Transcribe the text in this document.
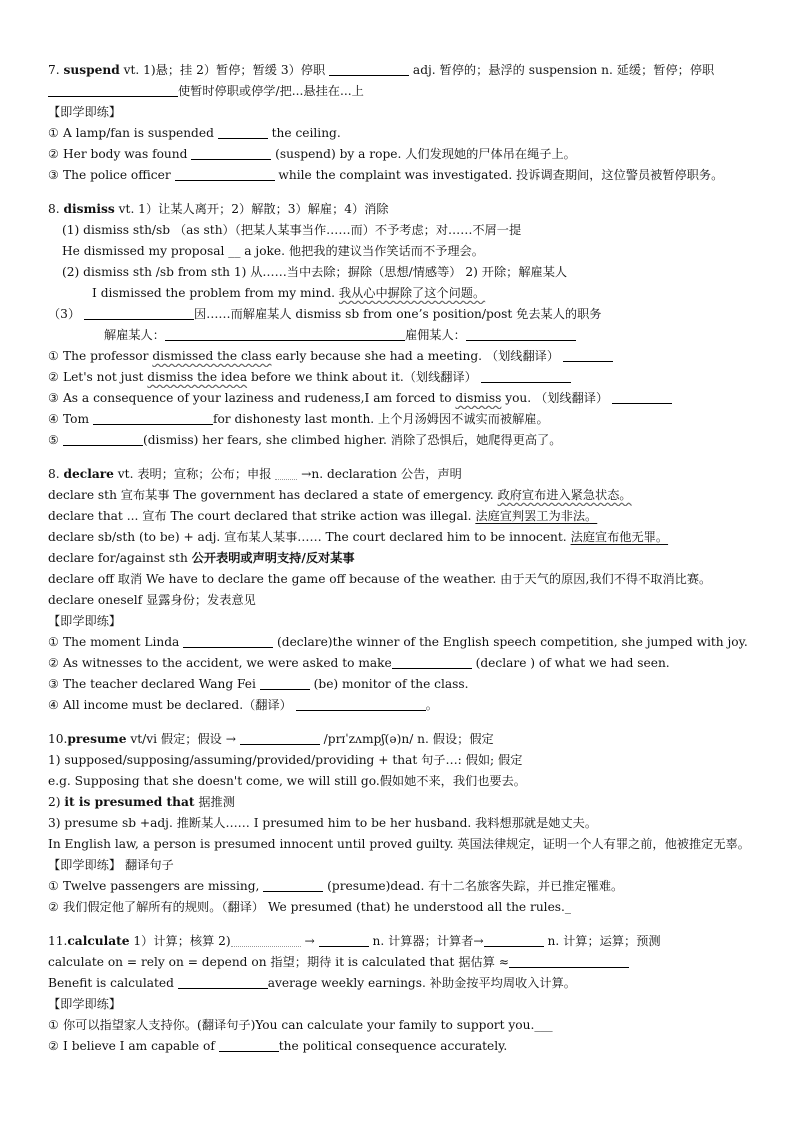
7. suspend vt. 1)悬；挂 2）暂停；暂缓 3）停职	adj. 暂停的；悬浮的 suspension n. 延缓；暂停；停职
使暂时停职或停学/把...悬挂在...上
【即学即练】
① A lamp/fan is suspended	the ceiling.
② Her body was found	(suspend) by a rope. 人们发现她的尸体吊在绳子上。
③ The police officer	while the complaint was investigated. 投诉调查期间，这位警员被暂停职务。
8. dismiss vt. 1）让某人离开；2）解散；3）解雇；4）消除
(1) dismiss sth/sb （as sth）（把某人某事当作……而）不予考虑；对……不屑一提
He dismissed my proposal __ a joke. 他把我的建议当作笑话而不予理会。
(2) dismiss sth /sb from sth 1) 从……当中去除；摒除（思想/情感等） 2) 开除；解雇某人
I dismissed the problem from my mind. 我从心中摒除了这个问题。
（3）	因……而解雇某人 dismiss sb from one’s position/post 免去某人的职务
解雇某人：	雇佣某人：
① The professor dismissed the class early because she had a meeting. （划线翻译）
② Let's not just dismiss the idea before we think about it.（划线翻译）
③ As a consequence of your laziness and rudeness,I am forced to dismiss you. （划线翻译）
④ Tom	for dishonesty last month. 上个月汤姆因不诚实而被解雇。
⑤	(dismiss) her fears, she climbed higher. 消除了恐惧后，她爬得更高了。
8. declare vt. 表明；宣称；公布；申报  →n. declaration 公告，声明
declare sth 宣布某事 The government has declared a state of emergency. 政府宣布进入紧急状态。
declare that ... 宣布 The court declared that strike action was illegal. 法庭宣判罢工为非法。
declare sb/sth (to be) + adj. 宣布某人某事…… The court declared him to be innocent. 法庭宣布他无罪。
declare for/against sth 公开表明或声明支持/反对某事
declare off 取消 We have to declare the game off because of the weather. 由于天气的原因,我们不得不取消比赛。
declare oneself 显露身份；发表意见
【即学即练】
① The moment Linda	(declare)the winner of the English speech competition, she jumped with joy.
② As witnesses to the accident, we were asked to make	(declare ) of what we had seen.
③ The teacher declared Wang Fei	(be) monitor of the class.
④ All income must be declared.（翻译）	。
10.presume vt/vi 假定；假设 →	/prɪˈzʌmpʃ(ə)n/ n. 假设；假定
1) supposed/supposing/assuming/provided/providing + that 句子…: 假如; 假定
e.g. Supposing that she doesn't come, we will still go.假如她不来，我们也要去。
2) it is presumed that 据推测
3) presume sb +adj. 推断某人…… I presumed him to be her husband. 我料想那就是她丈夫。
In English law, a person is presumed innocent until proved guilty. 英国法律规定，证明一个人有罪之前，他被推定无辜。
【即学即练】 翻译句子
① Twelve passengers are missing,	(presume)dead. 有十二名旅客失踪，并已推定罹难。
② 我们假定他了解所有的规则。（翻译） We presumed (that) he understood all the rules._
11.calculate 1）计算；核算 2)	→	n. 计算器；计算者→	n. 计算；运算；预测
calculate on = rely on = depend on 指望；期待 it is calculated that 据估算 ≈
Benefit is calculated	average weekly earnings. 补助金按平均周收入计算。
【即学即练】
① 你可以指望家人支持你。(翻译句子)You can calculate your family to support you.___
② I believe I am capable of	the political consequence accurately.
